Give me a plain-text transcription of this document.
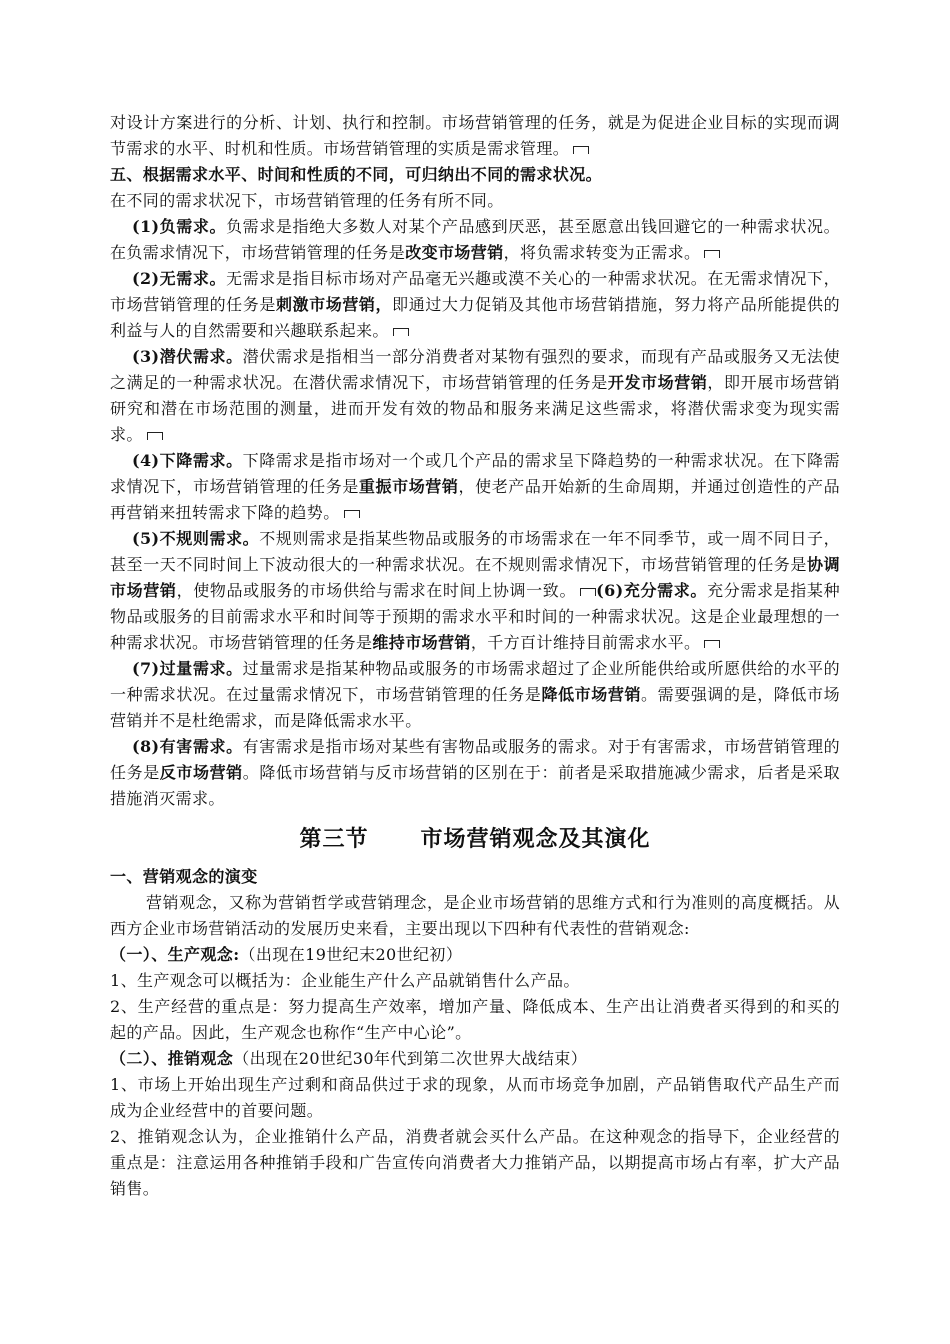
对设计方案进行的分析、计划、执行和控制。市场营销管理的任务，就是为促进企业目标的实现而调节需求的水平、时机和性质。市场营销管理的实质是需求管理。

五、根据需求水平、时间和性质的不同，可归纳出不同的需求状况。

在不同的需求状况下，市场营销管理的任务有所不同。

(1)负需求。负需求是指绝大多数人对某个产品感到厌恶，甚至愿意出钱回避它的一种需求状况。在负需求情况下，市场营销管理的任务是改变市场营销，将负需求转变为正需求。

(2)无需求。无需求是指目标市场对产品毫无兴趣或漠不关心的一种需求状况。在无需求情况下，市场营销管理的任务是刺激市场营销，即通过大力促销及其他市场营销措施，努力将产品所能提供的利益与人的自然需要和兴趣联系起来。

(3)潜伏需求。潜伏需求是指相当一部分消费者对某物有强烈的要求，而现有产品或服务又无法使之满足的一种需求状况。在潜伏需求情况下，市场营销管理的任务是开发市场营销，即开展市场营销研究和潜在市场范围的测量，进而开发有效的物品和服务来满足这些需求，将潜伏需求变为现实需求。

(4)下降需求。下降需求是指市场对一个或几个产品的需求呈下降趋势的一种需求状况。在下降需求情况下，市场营销管理的任务是重振市场营销，使老产品开始新的生命周期，并通过创造性的产品再营销来扭转需求下降的趋势。

(5)不规则需求。不规则需求是指某些物品或服务的市场需求在一年不同季节，或一周不同日子，甚至一天不同时间上下波动很大的一种需求状况。在不规则需求情况下，市场营销管理的任务是协调市场营销，使物品或服务的市场供给与需求在时间上协调一致。 (6)充分需求。充分需求是指某种物品或服务的目前需求水平和时间等于预期的需求水平和时间的一种需求状况。这是企业最理想的一种需求状况。市场营销管理的任务是维持市场营销，千方百计维持目前需求水平。

(7)过量需求。过量需求是指某种物品或服务的市场需求超过了企业所能供给或所愿供给的水平的一种需求状况。在过量需求情况下，市场营销管理的任务是降低市场营销。需要强调的是，降低市场营销并不是杜绝需求，而是降低需求水平。

(8)有害需求。有害需求是指市场对某些有害物品或服务的需求。对于有害需求，市场营销管理的任务是反市场营销。降低市场营销与反市场营销的区别在于：前者是采取措施减少需求，后者是采取措施消灭需求。

第三节      市场营销观念及其演化

一、营销观念的演变

营销观念，又称为营销哲学或营销理念，是企业市场营销的思维方式和行为准则的高度概括。从西方企业市场营销活动的发展历史来看，主要出现以下四种有代表性的营销观念:

（一）、生产观念:（出现在19世纪末20世纪初）

1、生产观念可以概括为：企业能生产什么产品就销售什么产品。

2、生产经营的重点是：努力提高生产效率，增加产量、降低成本、生产出让消费者买得到的和买的起的产品。因此，生产观念也称作“生产中心论”。

（二）、推销观念（出现在20世纪30年代到第二次世界大战结束）

1、市场上开始出现生产过剩和商品供过于求的现象，从而市场竞争加剧，产品销售取代产品生产而成为企业经营中的首要问题。

2、推销观念认为，企业推销什么产品，消费者就会买什么产品。在这种观念的指导下，企业经营的重点是：注意运用各种推销手段和广告宣传向消费者大力推销产品，以期提高市场占有率，扩大产品销售。
